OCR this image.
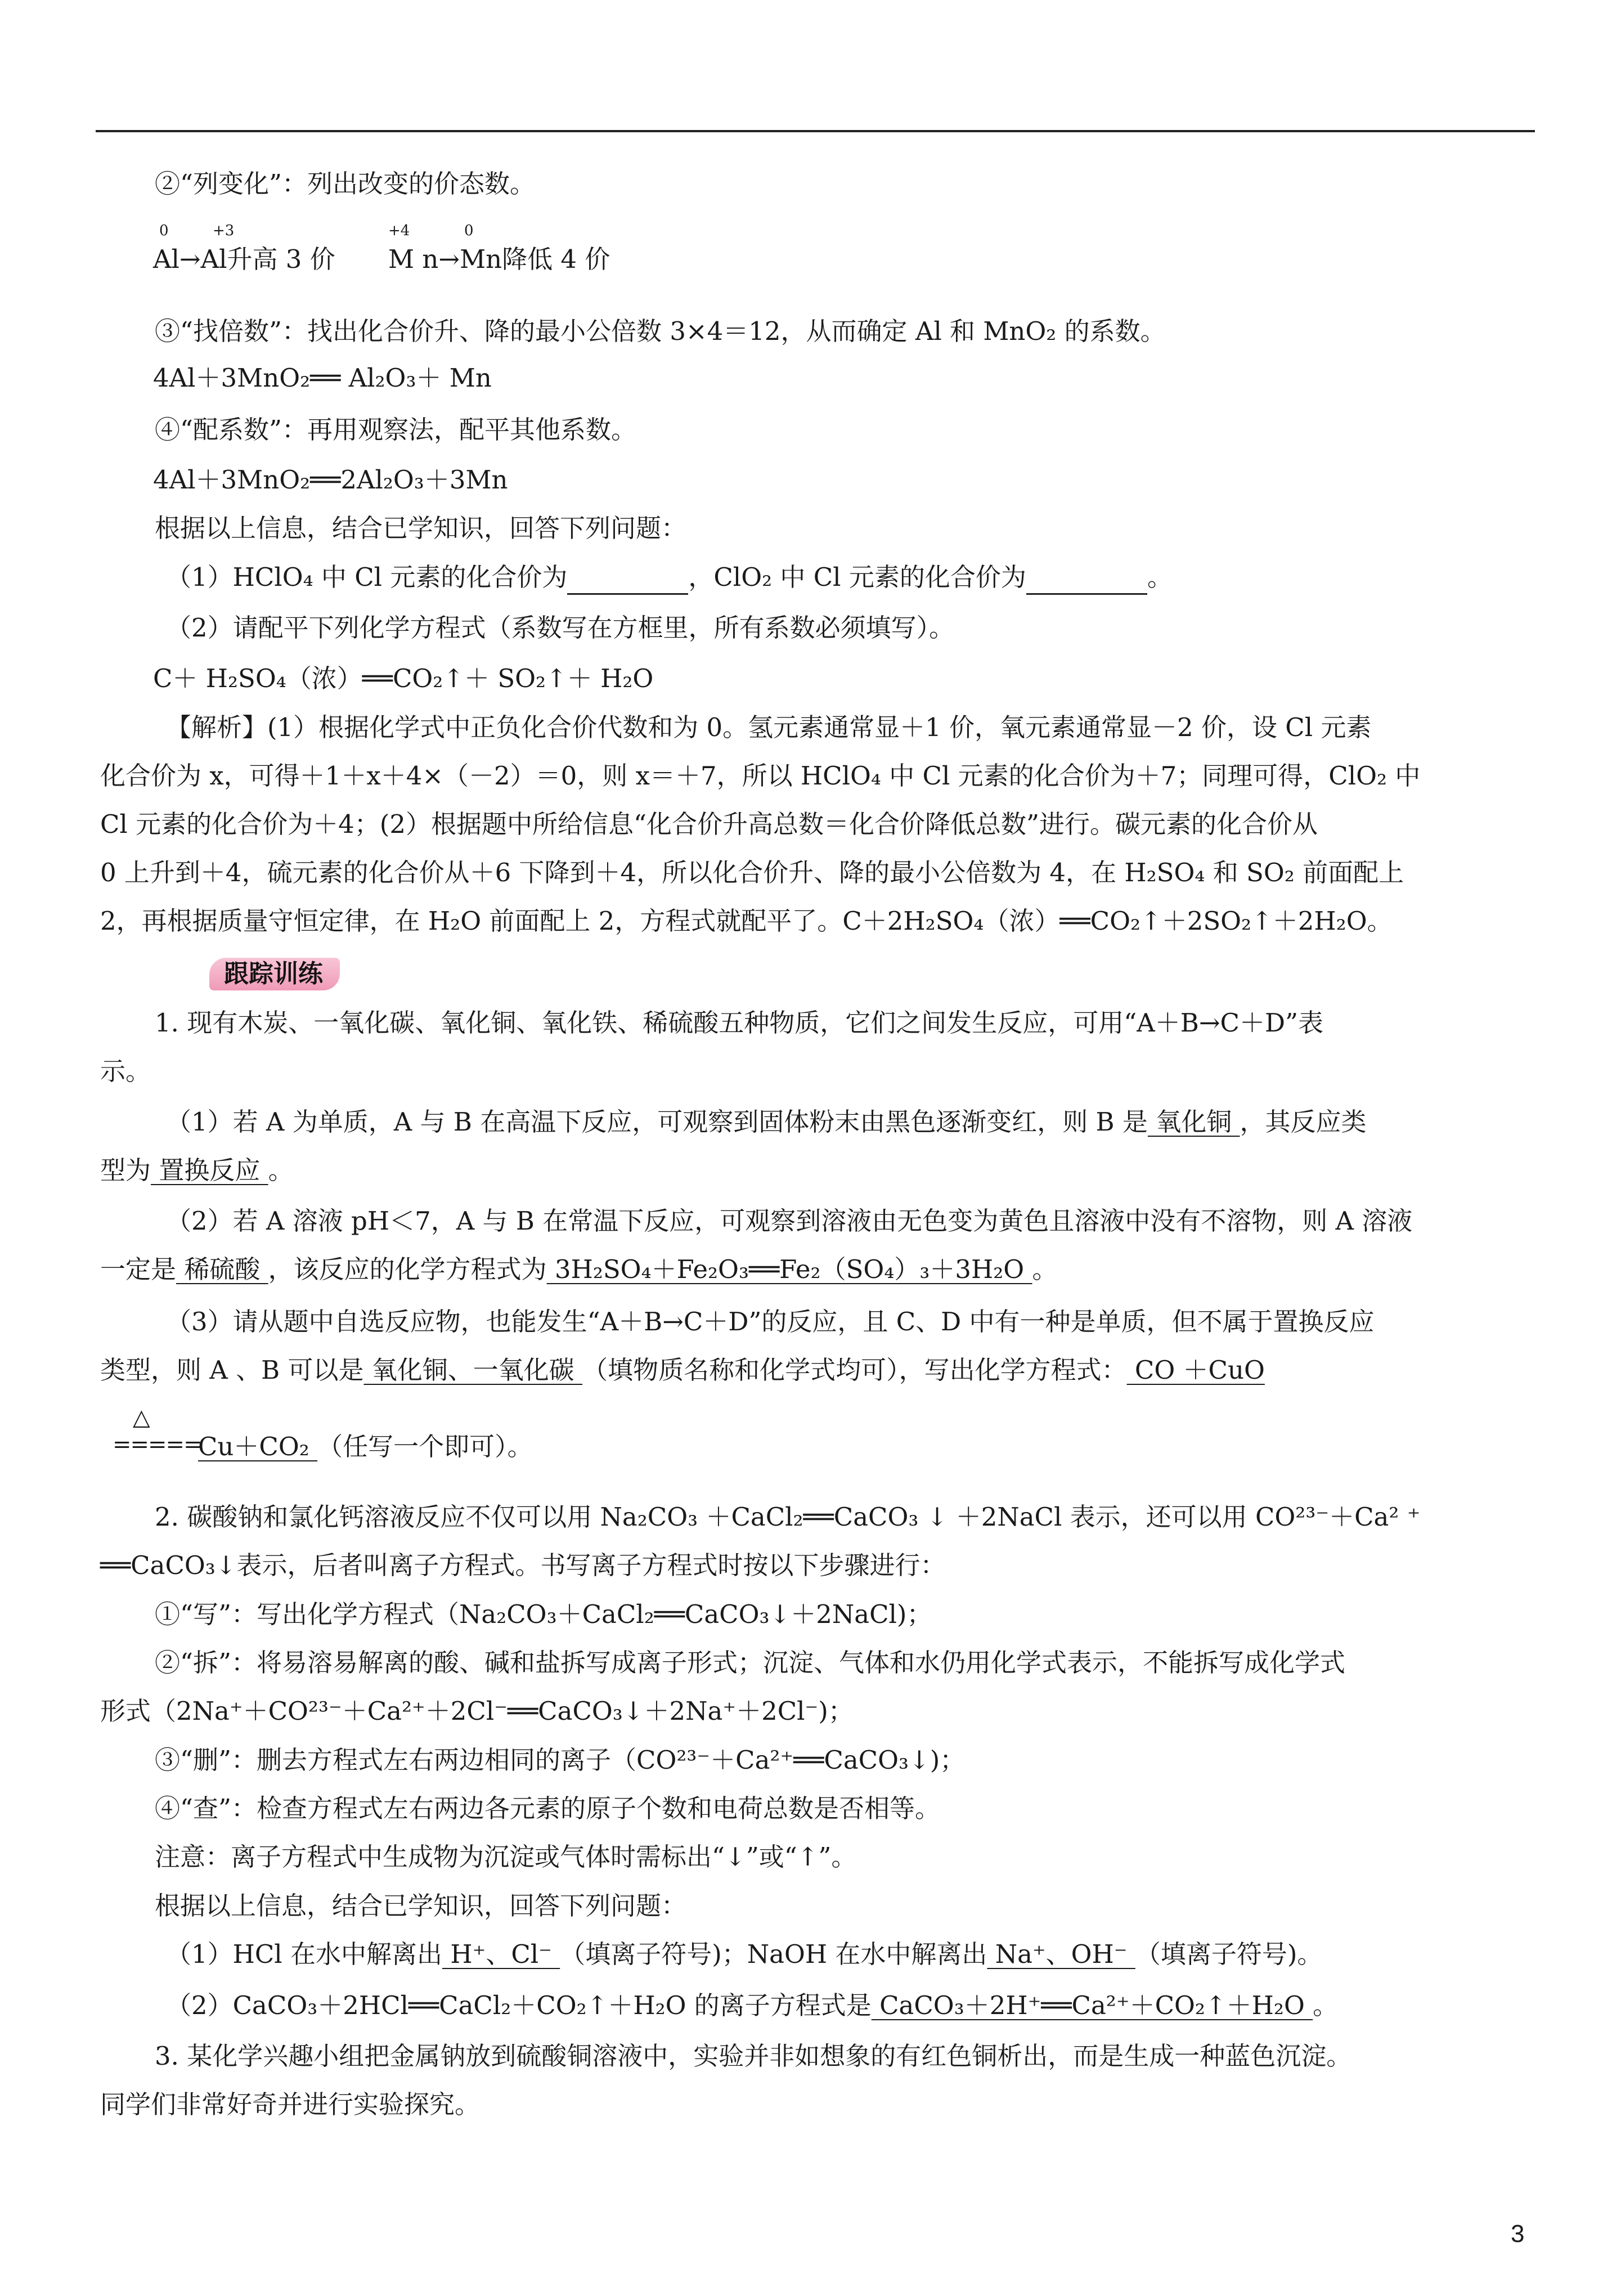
②“列变化”：列出改变的价态数。
0	+3	+4	0
Al→Al升高 3 价 M n→Mn降低 4 价
③“找倍数”：找出化合价升、降的最小公倍数 3×4＝12，从而确定 Al 和 MnO₂ 的系数。
4Al＋3MnO₂══ Al₂O₃＋ Mn
④“配系数”：再用观察法，配平其他系数。
4Al＋3MnO₂══2Al₂O₃＋3Mn
根据以上信息，结合已学知识，回答下列问题：
（1）HClO₄ 中 Cl 元素的化合价为	，ClO₂ 中 Cl 元素的化合价为	。
（2）请配平下列化学方程式（系数写在方框里，所有系数必须填写）。
C＋ H₂SO₄（浓）══CO₂↑＋ SO₂↑＋ H₂O
【解析】(1）根据化学式中正负化合价代数和为 0。氢元素通常显＋1 价，氧元素通常显－2 价，设 Cl 元素
化合价为 x，可得＋1＋x＋4×（－2）＝0，则 x＝＋7，所以 HClO₄ 中 Cl 元素的化合价为＋7；同理可得，ClO₂ 中
Cl 元素的化合价为＋4；(2）根据题中所给信息“化合价升高总数＝化合价降低总数”进行。碳元素的化合价从
0 上升到＋4，硫元素的化合价从＋6 下降到＋4，所以化合价升、降的最小公倍数为 4，在 H₂SO₄ 和 SO₂ 前面配上
2，再根据质量守恒定律，在 H₂O 前面配上 2，方程式就配平了。C＋2H₂SO₄（浓）══CO₂↑＋2SO₂↑＋2H₂O。
跟踪训练
1. 现有木炭、一氧化碳、氧化铜、氧化铁、稀硫酸五种物质，它们之间发生反应，可用“A＋B→C＋D”表
示。
（1）若 A 为单质，A 与 B 在高温下反应，可观察到固体粉末由黑色逐渐变红，则 B 是 氧化铜 ，其反应类
型为 置换反应 。
（2）若 A 溶液 pH＜7，A 与 B 在常温下反应，可观察到溶液由无色变为黄色且溶液中没有不溶物，则 A 溶液
一定是 稀硫酸 ，该反应的化学方程式为 3H₂SO₄＋Fe₂O₃══Fe₂（SO₄）₃＋3H₂O 。
（3）请从题中自选反应物，也能发生“A＋B→C＋D”的反应，且 C、D 中有一种是单质，但不属于置换反应
类型，则 A 、B 可以是 氧化铜、一氧化碳 （填物质名称和化学式均可），写出化学方程式： CO ＋CuO
△
=====
Cu＋CO₂ （任写一个即可）。
2. 碳酸钠和氯化钙溶液反应不仅可以用 Na₂CO₃ ＋CaCl₂══CaCO₃ ↓ ＋2NaCl 表示，还可以用 CO²³⁻＋Ca² ⁺
══CaCO₃↓表示，后者叫离子方程式。书写离子方程式时按以下步骤进行：
①“写”：写出化学方程式（Na₂CO₃＋CaCl₂══CaCO₃↓＋2NaCl)；
②“拆”：将易溶易解离的酸、碱和盐拆写成离子形式；沉淀、气体和水仍用化学式表示，不能拆写成化学式
形式（2Na⁺＋CO²³⁻＋Ca²⁺＋2Cl⁻══CaCO₃↓＋2Na⁺＋2Cl⁻)；
③“删”：删去方程式左右两边相同的离子（CO²³⁻＋Ca²⁺══CaCO₃↓)；
④“查”：检查方程式左右两边各元素的原子个数和电荷总数是否相等。
注意：离子方程式中生成物为沉淀或气体时需标出“↓”或“↑”。
根据以上信息，结合已学知识，回答下列问题：
（1）HCl 在水中解离出 H⁺、Cl⁻ （填离子符号)；NaOH 在水中解离出 Na⁺、OH⁻ （填离子符号)。
（2）CaCO₃＋2HCl══CaCl₂＋CO₂↑＋H₂O 的离子方程式是 CaCO₃＋2H⁺══Ca²⁺＋CO₂↑＋H₂O 。
3. 某化学兴趣小组把金属钠放到硫酸铜溶液中，实验并非如想象的有红色铜析出，而是生成一种蓝色沉淀。
同学们非常好奇并进行实验探究。
3
